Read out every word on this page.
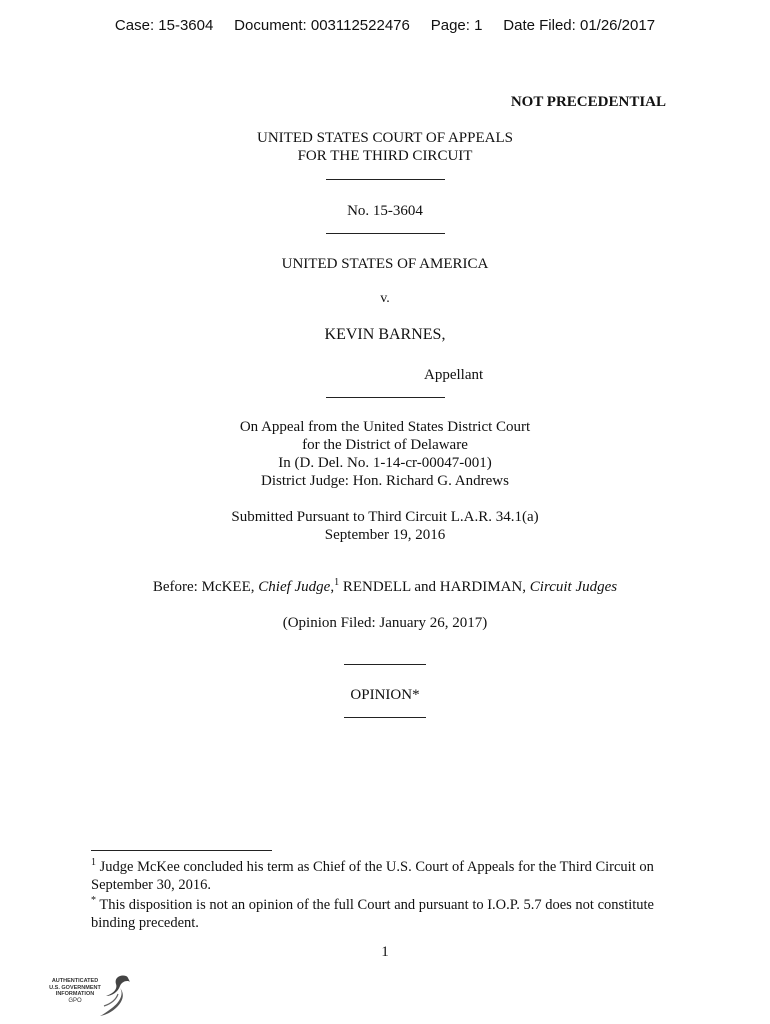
Case: 15-3604 Document: 003112522476 Page: 1 Date Filed: 01/26/2017
NOT PRECEDENTIAL
UNITED STATES COURT OF APPEALS
FOR THE THIRD CIRCUIT
No. 15-3604
UNITED STATES OF AMERICA
v.
KEVIN BARNES,
Appellant
On Appeal from the United States District Court
for the District of Delaware
In (D. Del. No. 1-14-cr-00047-001)
District Judge: Hon. Richard G. Andrews
Submitted Pursuant to Third Circuit L.A.R. 34.1(a)
September 19, 2016
Before: McKEE, Chief Judge,$^1$ RENDELL and HARDIMAN, Circuit Judges
(Opinion Filed: January 26, 2017)
OPINION*
$^1$ Judge McKee concluded his term as Chief of the U.S. Court of Appeals for the Third Circuit on September 30, 2016.
* This disposition is not an opinion of the full Court and pursuant to I.O.P. 5.7 does not constitute binding precedent.
1
AUTHENTICATED
U.S. GOVERNMENT
INFORMATION
GPO
